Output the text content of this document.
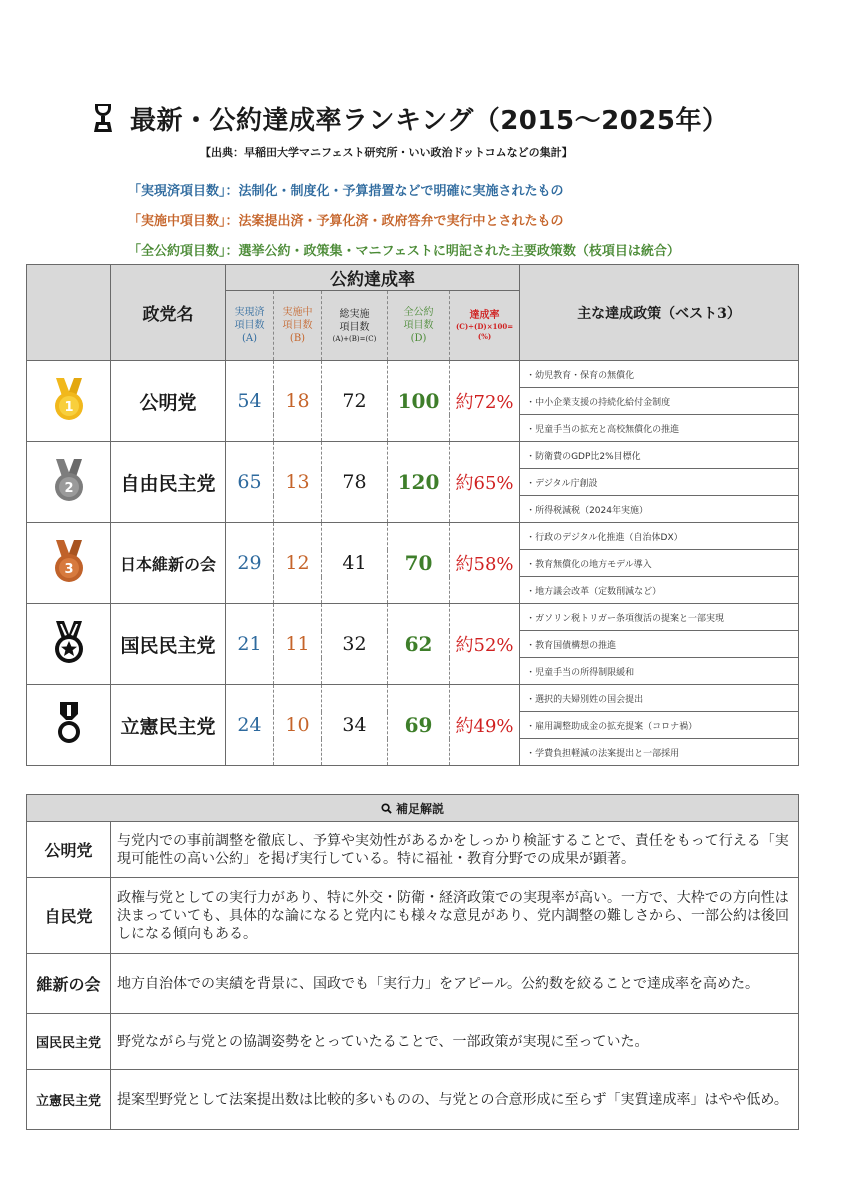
最新・公約達成率ランキング（2015〜2025年）
【出典：早稲田大学マニフェスト研究所・いい政治ドットコムなどの集計】
「実現済項目数」：法制化・制度化・予算措置などで明確に実施されたもの
「実施中項目数」：法案提出済・予算化済・政府答弁で実行中とされたもの
「全公約項目数」：選挙公約・政策集・マニフェストに明記された主要政策数（枝項目は統合）
	政党名	公約達成率					主な達成政策（ベスト3）

		実現済
項目数
(A)	実施中
項目数
(B)	総実施
項目数
(A)+(B)=(C)	全公約
項目数
(D)	達成率
(C)÷(D)×100=
(%)	

1	公明党	54	18	72	100	約72%	・幼児教育・保育の無償化
							・中小企業支援の持続化給付金制度
							・児童手当の拡充と高校無償化の推進

2	自由民主党	65	13	78	120	約65%	・防衛費のGDP比2%目標化
							・デジタル庁創設
							・所得税減税（2024年実施）

3	日本維新の会	29	12	41	70	約58%	・行政のデジタル化推進（自治体DX）
							・教育無償化の地方モデル導入
							・地方議会改革（定数削減など）
	国民民主党	21	11	32	62	約52%	・ガソリン税トリガー条項復活の提案と一部実現
							・教育国債構想の推進
							・児童手当の所得制限緩和
	立憲民主党	24	10	34	69	約49%	・選択的夫婦別姓の国会提出
							・雇用調整助成金の拡充提案（コロナ禍）
							・学費負担軽減の法案提出と一部採用
補足解説	
公明党	与党内での事前調整を徹底し、予算や実効性があるかをしっかり検証することで、責任をもって行える「実現可能性の高い公約」を掲げ実行している。特に福祉・教育分野での成果が顕著。
自民党	政権与党としての実行力があり、特に外交・防衛・経済政策での実現率が高い。一方で、大枠での方向性は決まっていても、具体的な論になると党内にも様々な意見があり、党内調整の難しさから、一部公約は後回しになる傾向もある。
維新の会	地方自治体での実績を背景に、国政でも「実行力」をアピール。公約数を絞ることで達成率を高めた。
国民民主党	野党ながら与党との協調姿勢をとっていたることで、一部政策が実現に至っていた。
立憲民主党	提案型野党として法案提出数は比較的多いものの、与党との合意形成に至らず「実質達成率」はやや低め。
